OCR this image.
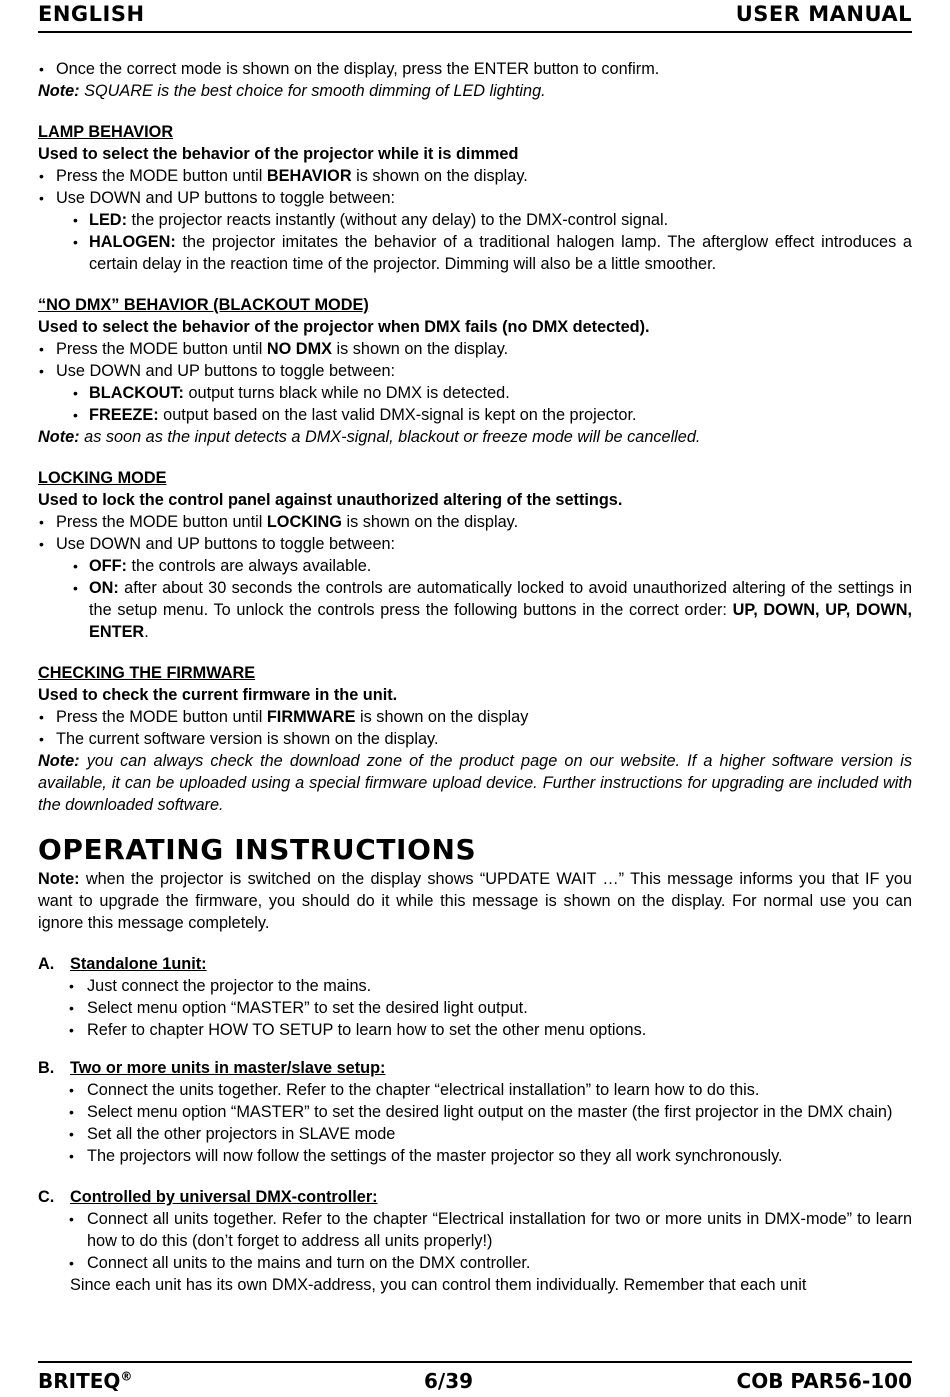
ENGLISH	USER MANUAL

• Once the correct mode is shown on the display, press the ENTER button to confirm.

Note: SQUARE is the best choice for smooth dimming of LED lighting.

LAMP BEHAVIOR

Used to select the behavior of the projector while it is dimmed

• Press the MODE button until BEHAVIOR is shown on the display.

• Use DOWN and UP buttons to toggle between:

• LED: the projector reacts instantly (without any delay) to the DMX-control signal.

• HALOGEN: the projector imitates the behavior of a traditional halogen lamp. The afterglow effect introduces a certain delay in the reaction time of the projector. Dimming will also be a little smoother.

“NO DMX” BEHAVIOR (BLACKOUT MODE)

Used to select the behavior of the projector when DMX fails (no DMX detected).

• Press the MODE button until NO DMX is shown on the display.

• Use DOWN and UP buttons to toggle between:

• BLACKOUT: output turns black while no DMX is detected.

• FREEZE: output based on the last valid DMX-signal is kept on the projector.

Note: as soon as the input detects a DMX-signal, blackout or freeze mode will be cancelled.

LOCKING MODE

Used to lock the control panel against unauthorized altering of the settings.

• Press the MODE button until LOCKING is shown on the display.

• Use DOWN and UP buttons to toggle between:

• OFF: the controls are always available.

• ON: after about 30 seconds the controls are automatically locked to avoid unauthorized altering of the settings in the setup menu. To unlock the controls press the following buttons in the correct order: UP, DOWN, UP, DOWN, ENTER.

CHECKING THE FIRMWARE

Used to check the current firmware in the unit.

• Press the MODE button until FIRMWARE is shown on the display

• The current software version is shown on the display.

Note: you can always check the download zone of the product page on our website. If a higher software version is available, it can be uploaded using a special firmware upload device. Further instructions for upgrading are included with the downloaded software.

OPERATING INSTRUCTIONS

Note: when the projector is switched on the display shows “UPDATE WAIT …” This message informs you that IF you want to upgrade the firmware, you should do it while this message is shown on the display. For normal use you can ignore this message completely.

A. Standalone 1unit:

• Just connect the projector to the mains.

• Select menu option “MASTER” to set the desired light output.

• Refer to chapter HOW TO SETUP to learn how to set the other menu options.

B. Two or more units in master/slave setup:

• Connect the units together. Refer to the chapter “electrical installation” to learn how to do this.

• Select menu option “MASTER” to set the desired light output on the master (the first projector in the DMX chain)

• Set all the other projectors in SLAVE mode

• The projectors will now follow the settings of the master projector so they all work synchronously.

C. Controlled by universal DMX-controller:

• Connect all units together. Refer to the chapter “Electrical installation for two or more units in DMX-mode” to learn how to do this (don’t forget to address all units properly!)

• Connect all units to the mains and turn on the DMX controller.

Since each unit has its own DMX-address, you can control them individually. Remember that each unit

BRITEQ®	6/39	COB PAR56-100
